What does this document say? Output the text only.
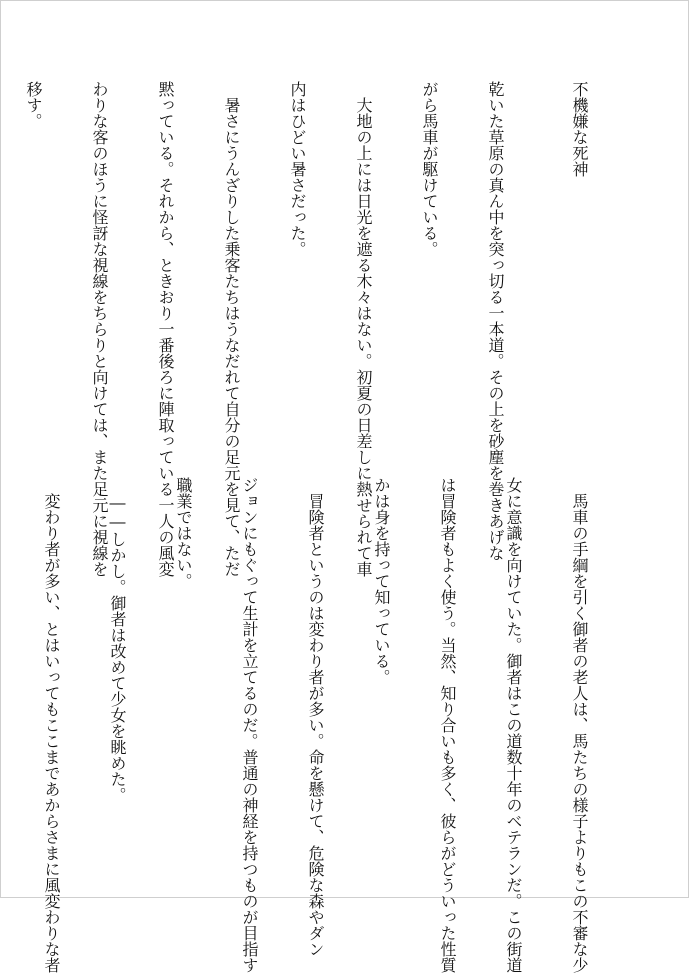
不機嫌な死神

乾いた草原の真ん中を突っ切る一本道。その上を砂塵を巻きあげな

がら馬車が駆けている。

　大地の上には日光を遮る木々はない。初夏の日差しに熱せられて車

内はひどい暑さだった。

　暑さにうんざりした乗客たちはうなだれて自分の足元を見て、ただ

黙っている。それから、ときおり一番後ろに陣取っている一人の風変

わりな客のほうに怪訝な視線をちらりと向けては、また足元に視線を

移す。

　馬車の手綱を引く御者の老人は、馬たちの様子よりもこの不審な少

女に意識を向けていた。御者はこの道数十年のベテランだ。この街道

は冒険者もよく使う。当然、知り合いも多く、彼らがどういった性質

かは身を持って知っている。

　冒険者というのは変わり者が多い。命を懸けて、危険な森やダン

ジョンにもぐって生計を立てるのだ。普通の神経を持つものが目指す

職業ではない。

　――しかし。御者は改めて少女を眺めた。

　変わり者が多い、とはいってもここまであからさまに風変わりな者
